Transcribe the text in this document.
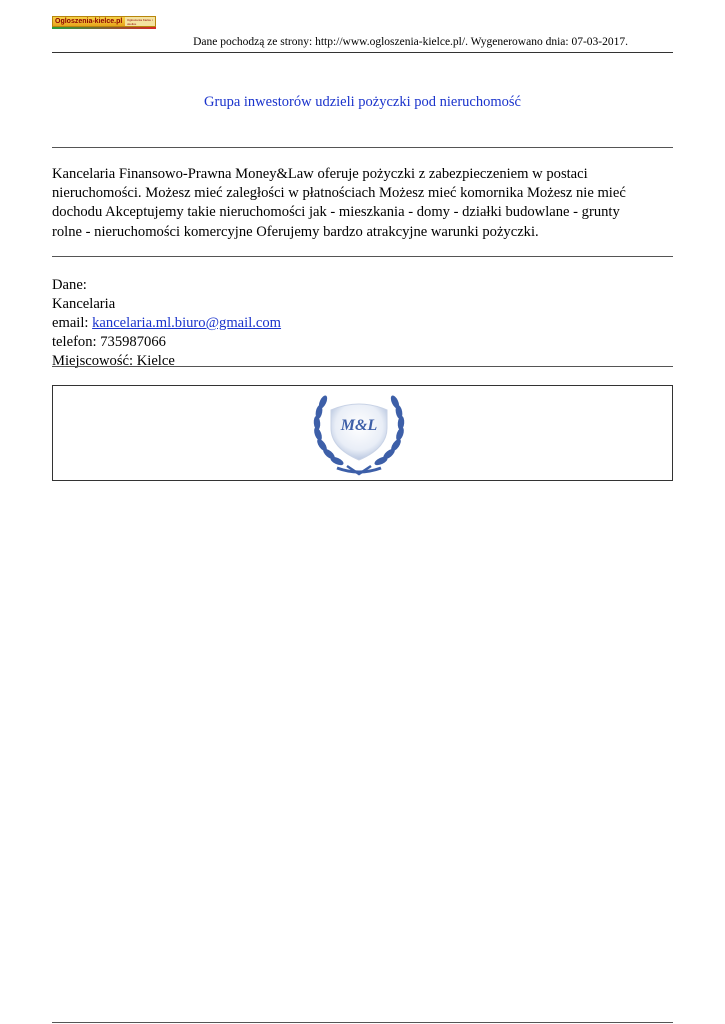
Ogloszenia-kielce.pl	Ogłoszenia Kielce i okolice
Dane pochodzą ze strony: http://www.ogloszenia-kielce.pl/. Wygenerowano dnia: 07-03-2017.
Grupa inwestorów udzieli pożyczki pod nieruchomość

Kancelaria Finansowo-Prawna Money&Law oferuje pożyczki z zabezpieczeniem w postaci
nieruchomości. Możesz mieć zaległości w płatnościach Możesz mieć komornika Możesz nie mieć
dochodu Akceptujemy takie nieruchomości jak - mieszkania - domy - działki budowlane - grunty
rolne - nieruchomości komercyjne Oferujemy bardzo atrakcyjne warunki pożyczki.

Dane:
Kancelaria
email: kancelaria.ml.biuro@gmail.com
telefon: 735987066
Miejscowość: Kielce
M&L
